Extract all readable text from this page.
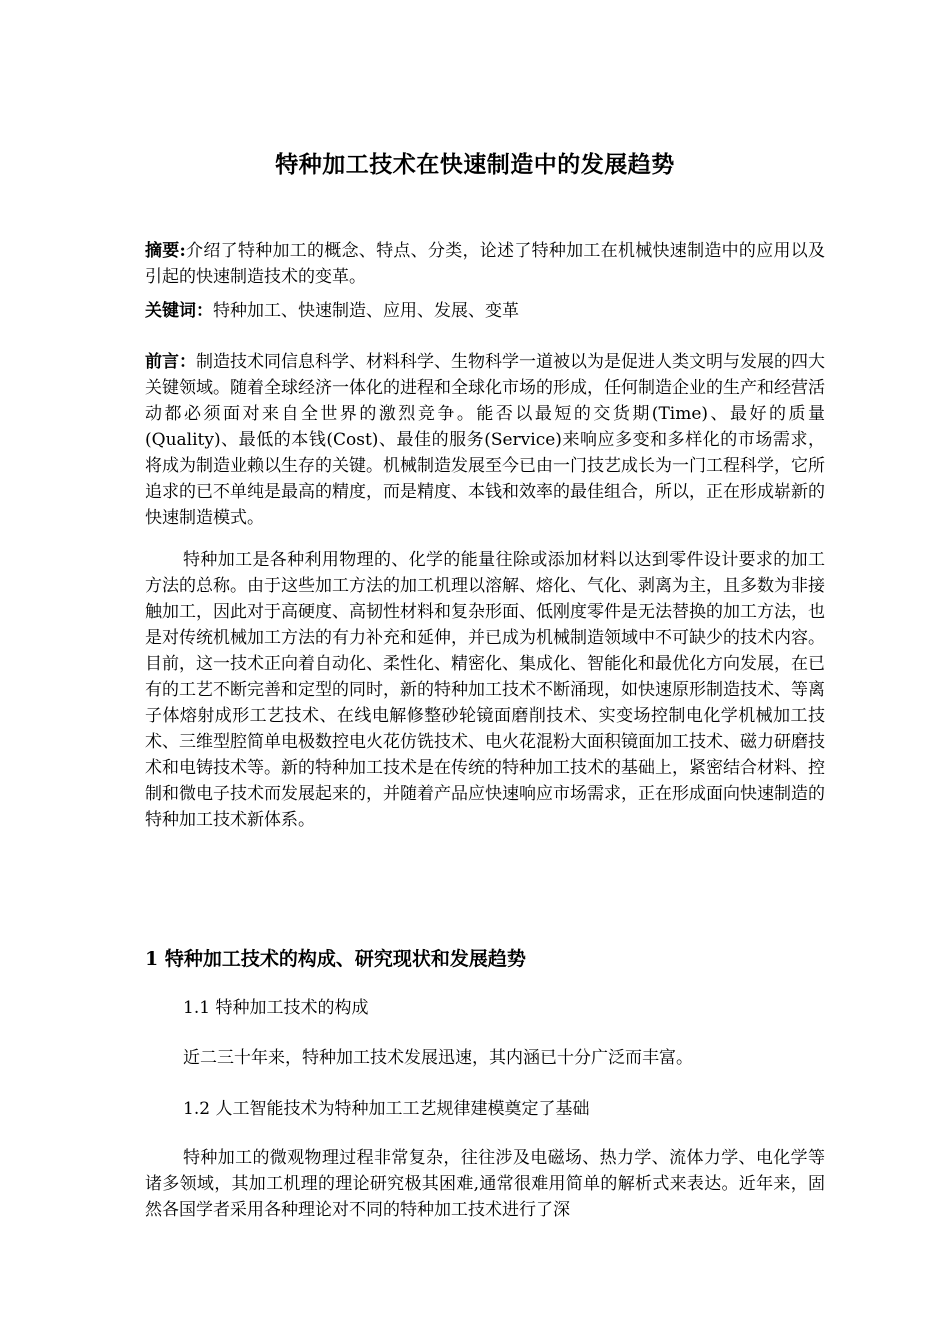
特种加工技术在快速制造中的发展趋势
摘要:介绍了特种加工的概念、特点、分类，论述了特种加工在机械快速制造中的应用以及引起的快速制造技术的变革。
关键词：特种加工、快速制造、应用、发展、变革
前言：制造技术同信息科学、材料科学、生物科学一道被以为是促进人类文明与发展的四大关键领域。随着全球经济一体化的进程和全球化市场的形成，任何制造企业的生产和经营活动都必须面对来自全世界的激烈竞争。能否以最短的交货期(Time)、最好的质量(Quality)、最低的本钱(Cost)、最佳的服务(Service)来响应多变和多样化的市场需求，将成为制造业赖以生存的关键。机械制造发展至今已由一门技艺成长为一门工程科学，它所追求的已不单纯是最高的精度，而是精度、本钱和效率的最佳组合，所以，正在形成崭新的快速制造模式。
特种加工是各种利用物理的、化学的能量往除或添加材料以达到零件设计要求的加工方法的总称。由于这些加工方法的加工机理以溶解、熔化、气化、剥离为主，且多数为非接触加工，因此对于高硬度、高韧性材料和复杂形面、低刚度零件是无法替换的加工方法，也是对传统机械加工方法的有力补充和延伸，并已成为机械制造领域中不可缺少的技术内容。目前，这一技术正向着自动化、柔性化、精密化、集成化、智能化和最优化方向发展，在已有的工艺不断完善和定型的同时，新的特种加工技术不断涌现，如快速原形制造技术、等离子体熔射成形工艺技术、在线电解修整砂轮镜面磨削技术、实变场控制电化学机械加工技术、三维型腔简单电极数控电火花仿铣技术、电火花混粉大面积镜面加工技术、磁力研磨技术和电铸技术等。新的特种加工技术是在传统的特种加工技术的基础上，紧密结合材料、控制和微电子技术而发展起来的，并随着产品应快速响应市场需求，正在形成面向快速制造的特种加工技术新体系。
1 特种加工技术的构成、研究现状和发展趋势
1.1 特种加工技术的构成
近二三十年来，特种加工技术发展迅速，其内涵已十分广泛而丰富。
1.2 人工智能技术为特种加工工艺规律建模奠定了基础
特种加工的微观物理过程非常复杂，往往涉及电磁场、热力学、流体力学、电化学等诸多领域，其加工机理的理论研究极其困难,通常很难用简单的解析式来表达。近年来，固然各国学者采用各种理论对不同的特种加工技术进行了深
